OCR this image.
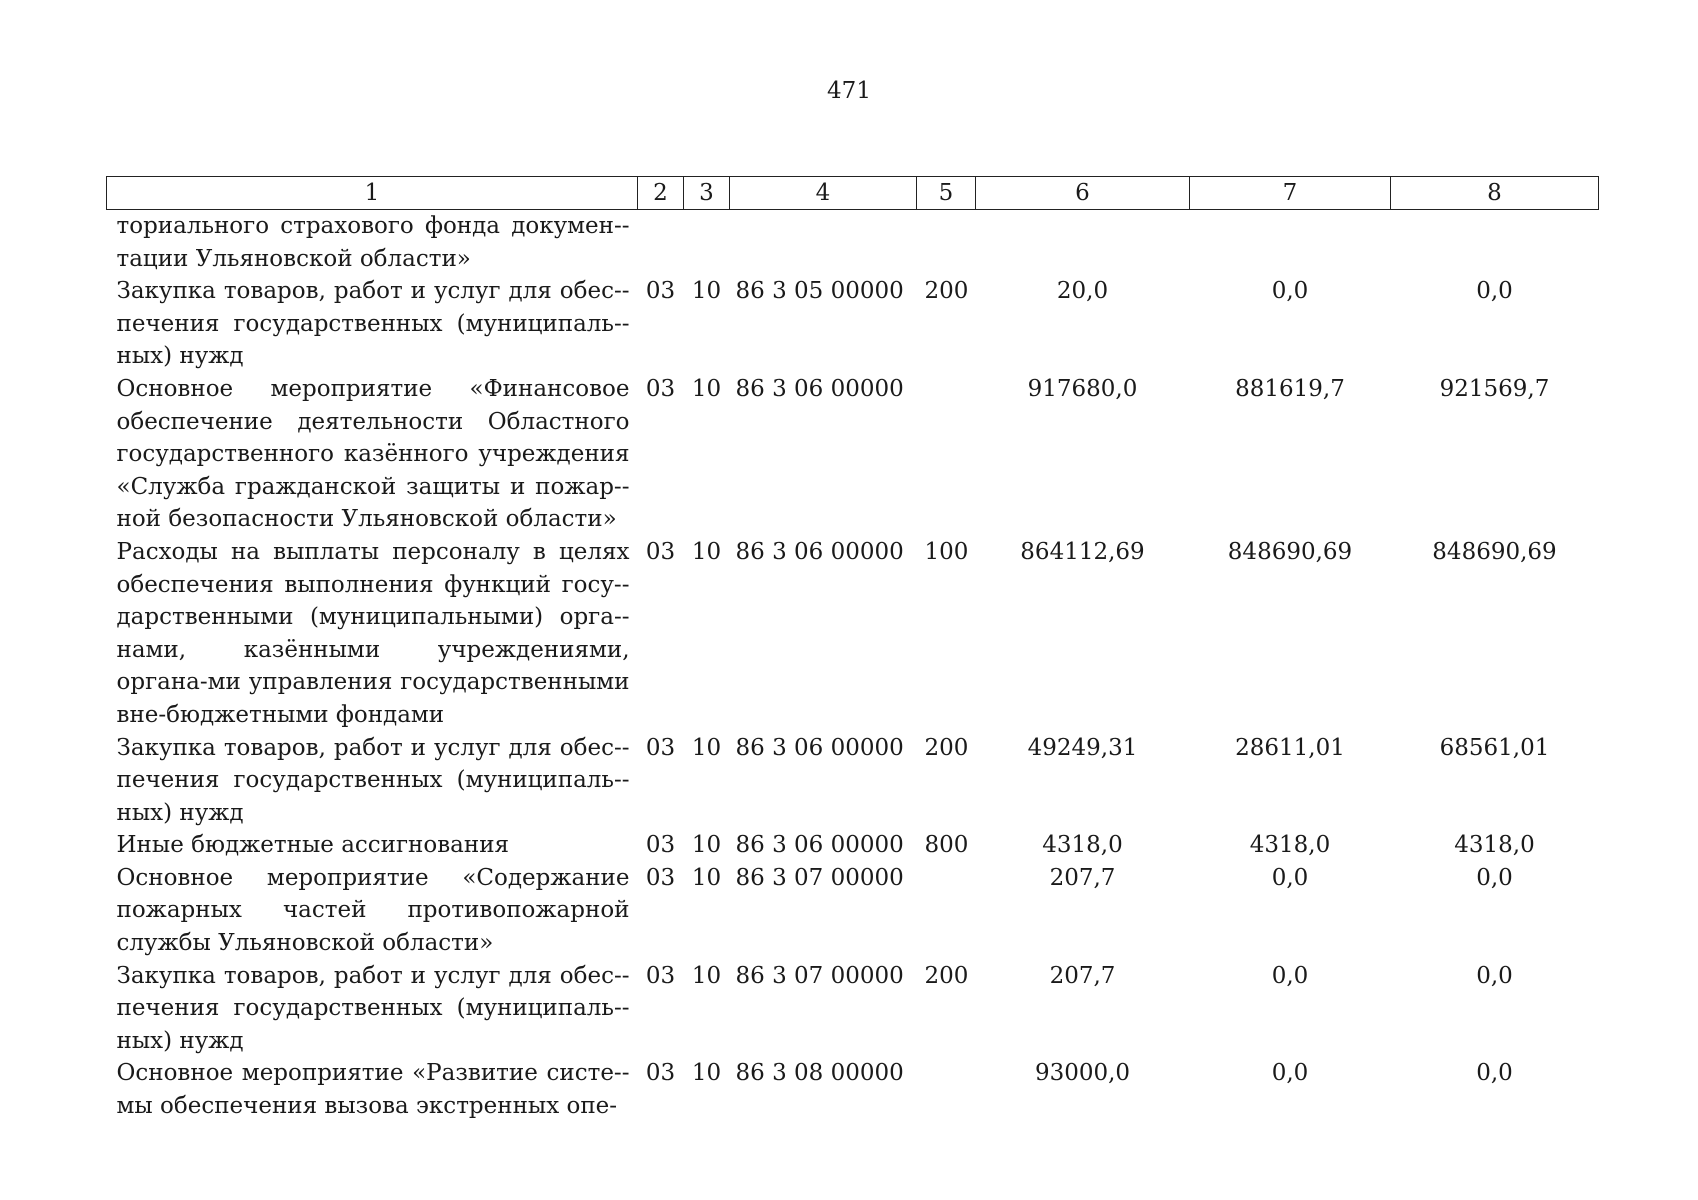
471
1	2	3	4	5	6	7	8
ториального страхового фонда докумен-тации Ульяновской области»							
Закупка товаров, работ и услуг для обес-печения государственных (муниципаль-ных) нужд	03	10	86 3 05 00000	200	20,0	0,0	0,0
Основное мероприятие «Финансовое обеспечение деятельности Областного государственного казённого учреждения «Служба гражданской защиты и пожар-ной безопасности Ульяновской области»	03	10	86 3 06 00000		917680,0	881619,7	921569,7
Расходы на выплаты персоналу в целях обеспечения выполнения функций госу-дарственными (муниципальными) орга-нами, казёнными учреждениями, органа-ми управления государственными вне-бюджетными фондами	03	10	86 3 06 00000	100	864112,69	848690,69	848690,69
Закупка товаров, работ и услуг для обес-печения государственных (муниципаль-ных) нужд	03	10	86 3 06 00000	200	49249,31	28611,01	68561,01
Иные бюджетные ассигнования	03	10	86 3 06 00000	800	4318,0	4318,0	4318,0
Основное мероприятие «Содержание пожарных частей противопожарной службы Ульяновской области»	03	10	86 3 07 00000		207,7	0,0	0,0
Закупка товаров, работ и услуг для обес-печения государственных (муниципаль-ных) нужд	03	10	86 3 07 00000	200	207,7	0,0	0,0
Основное мероприятие «Развитие систе-мы обеспечения вызова экстренных опе-	03	10	86 3 08 00000		93000,0	0,0	0,0
